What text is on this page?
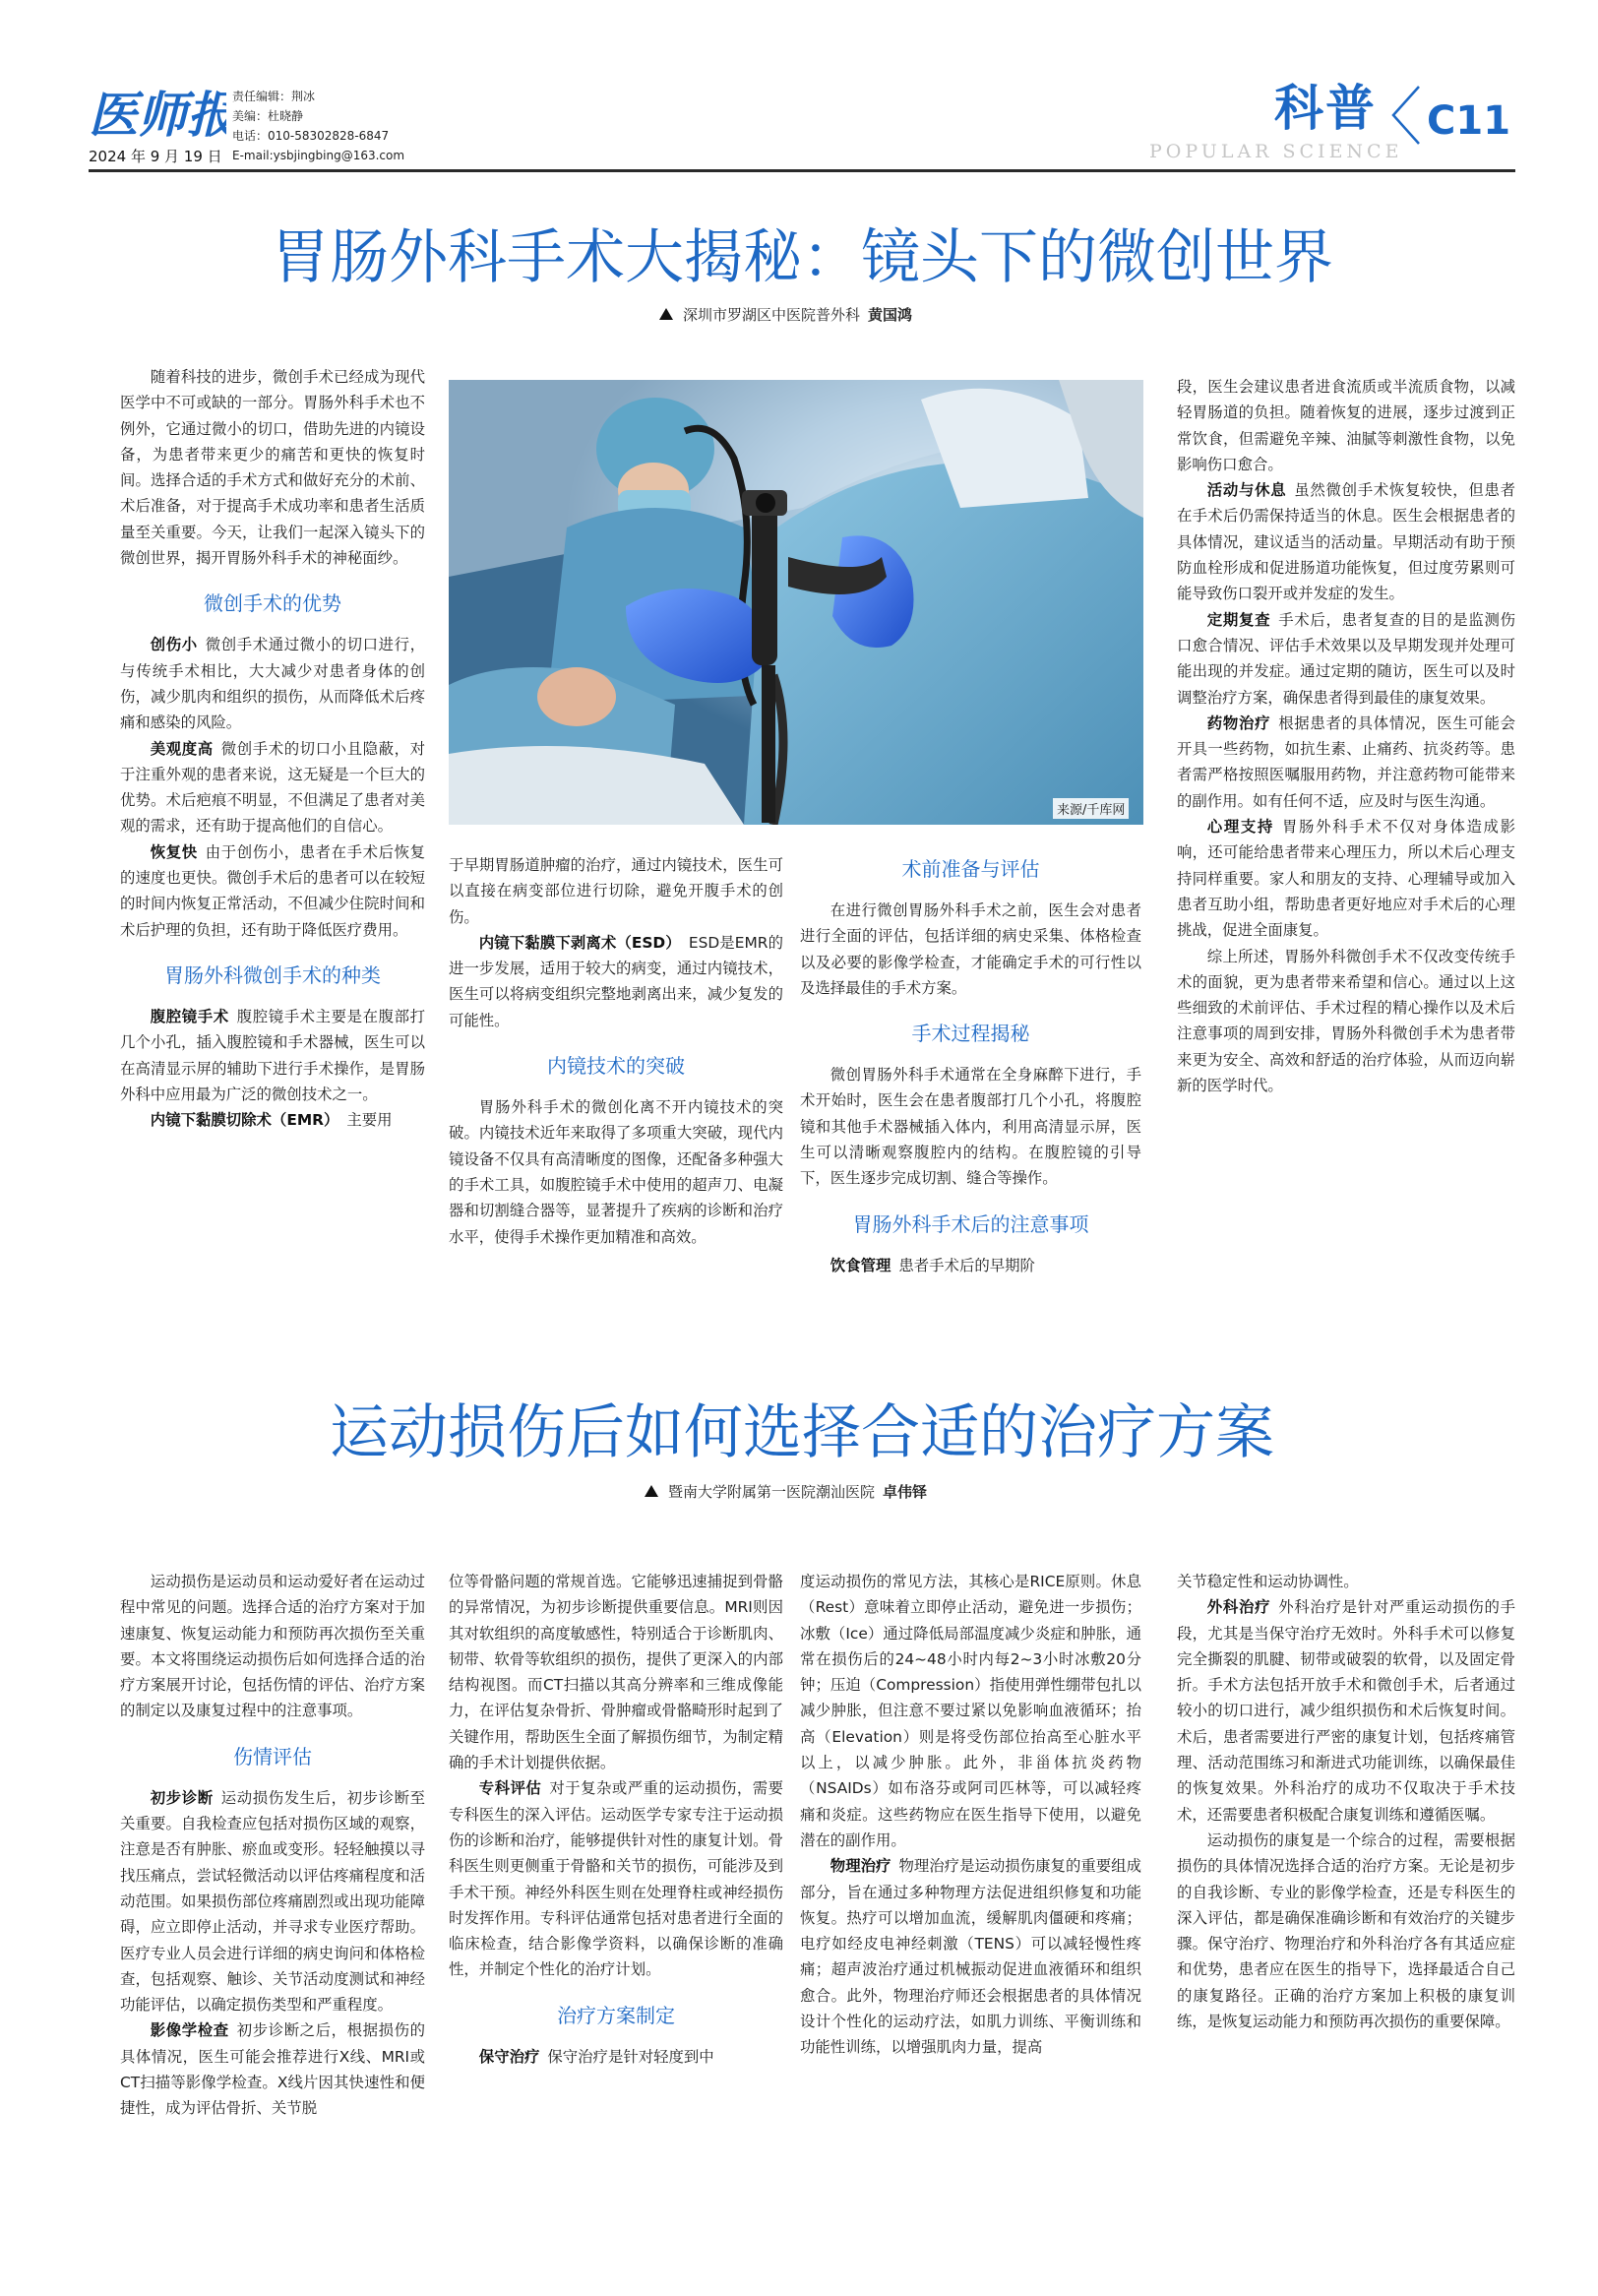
医师报
2024 年 9 月 19 日
责任编辑：荆冰
美编：杜晓静
电话：010-58302828-6847
E-mail:ysbjingbing@163.com
科普 C11
POPULAR SCIENCE
胃肠外科手术大揭秘：镜头下的微创世界
深圳市罗湖区中医院普外科 黄国鸿

随着科技的进步，微创手术已经成为现代医学中不可或缺的一部分。胃肠外科手术也不例外，它通过微小的切口，借助先进的内镜设备，为患者带来更少的痛苦和更快的恢复时间。选择合适的手术方式和做好充分的术前、术后准备，对于提高手术成功率和患者生活质量至关重要。今天，让我们一起深入镜头下的微创世界，揭开胃肠外科手术的神秘面纱。

微创手术的优势

创伤小 微创手术通过微小的切口进行，与传统手术相比，大大减少对患者身体的创伤，减少肌肉和组织的损伤，从而降低术后疼痛和感染的风险。

美观度高 微创手术的切口小且隐蔽，对于注重外观的患者来说，这无疑是一个巨大的优势。术后疤痕不明显，不但满足了患者对美观的需求，还有助于提高他们的自信心。

恢复快 由于创伤小，患者在手术后恢复的速度也更快。微创手术后的患者可以在较短的时间内恢复正常活动，不但减少住院时间和术后护理的负担，还有助于降低医疗费用。

胃肠外科微创手术的种类

腹腔镜手术 腹腔镜手术主要是在腹部打几个小孔，插入腹腔镜和手术器械，医生可以在高清显示屏的辅助下进行手术操作，是胃肠外科中应用最为广泛的微创技术之一。

内镜下黏膜切除术（EMR） 主要用

来源/千库网

于早期胃肠道肿瘤的治疗，通过内镜技术，医生可以直接在病变部位进行切除，避免开腹手术的创伤。

内镜下黏膜下剥离术（ESD） ESD是EMR的进一步发展，适用于较大的病变，通过内镜技术，医生可以将病变组织完整地剥离出来，减少复发的可能性。

内镜技术的突破

胃肠外科手术的微创化离不开内镜技术的突破。内镜技术近年来取得了多项重大突破，现代内镜设备不仅具有高清晰度的图像，还配备多种强大的手术工具，如腹腔镜手术中使用的超声刀、电凝器和切割缝合器等，显著提升了疾病的诊断和治疗水平，使得手术操作更加精准和高效。

术前准备与评估

在进行微创胃肠外科手术之前，医生会对患者进行全面的评估，包括详细的病史采集、体格检查以及必要的影像学检查，才能确定手术的可行性以及选择最佳的手术方案。

手术过程揭秘

微创胃肠外科手术通常在全身麻醉下进行，手术开始时，医生会在患者腹部打几个小孔，将腹腔镜和其他手术器械插入体内，利用高清显示屏，医生可以清晰观察腹腔内的结构。在腹腔镜的引导下，医生逐步完成切割、缝合等操作。

胃肠外科手术后的注意事项

饮食管理 患者手术后的早期阶

段，医生会建议患者进食流质或半流质食物，以减轻胃肠道的负担。随着恢复的进展，逐步过渡到正常饮食，但需避免辛辣、油腻等刺激性食物，以免影响伤口愈合。

活动与休息 虽然微创手术恢复较快，但患者在手术后仍需保持适当的休息。医生会根据患者的具体情况，建议适当的活动量。早期活动有助于预防血栓形成和促进肠道功能恢复，但过度劳累则可能导致伤口裂开或并发症的发生。

定期复查 手术后，患者复查的目的是监测伤口愈合情况、评估手术效果以及早期发现并处理可能出现的并发症。通过定期的随访，医生可以及时调整治疗方案，确保患者得到最佳的康复效果。

药物治疗 根据患者的具体情况，医生可能会开具一些药物，如抗生素、止痛药、抗炎药等。患者需严格按照医嘱服用药物，并注意药物可能带来的副作用。如有任何不适，应及时与医生沟通。

心理支持 胃肠外科手术不仅对身体造成影响，还可能给患者带来心理压力，所以术后心理支持同样重要。家人和朋友的支持、心理辅导或加入患者互助小组，帮助患者更好地应对手术后的心理挑战，促进全面康复。

综上所述，胃肠外科微创手术不仅改变传统手术的面貌，更为患者带来希望和信心。通过以上这些细致的术前评估、手术过程的精心操作以及术后注意事项的周到安排，胃肠外科微创手术为患者带来更为安全、高效和舒适的治疗体验，从而迈向崭新的医学时代。

运动损伤后如何选择合适的治疗方案
暨南大学附属第一医院潮汕医院 卓伟铎

运动损伤是运动员和运动爱好者在运动过程中常见的问题。选择合适的治疗方案对于加速康复、恢复运动能力和预防再次损伤至关重要。本文将围绕运动损伤后如何选择合适的治疗方案展开讨论，包括伤情的评估、治疗方案的制定以及康复过程中的注意事项。

伤情评估

初步诊断 运动损伤发生后，初步诊断至关重要。自我检查应包括对损伤区域的观察，注意是否有肿胀、瘀血或变形。轻轻触摸以寻找压痛点，尝试轻微活动以评估疼痛程度和活动范围。如果损伤部位疼痛剧烈或出现功能障碍，应立即停止活动，并寻求专业医疗帮助。医疗专业人员会进行详细的病史询问和体格检查，包括观察、触诊、关节活动度测试和神经功能评估，以确定损伤类型和严重程度。

影像学检查 初步诊断之后，根据损伤的具体情况，医生可能会推荐进行X线、MRI或CT扫描等影像学检查。X线片因其快速性和便捷性，成为评估骨折、关节脱

位等骨骼问题的常规首选。它能够迅速捕捉到骨骼的异常情况，为初步诊断提供重要信息。MRI则因其对软组织的高度敏感性，特别适合于诊断肌肉、韧带、软骨等软组织的损伤，提供了更深入的内部结构视图。而CT扫描以其高分辨率和三维成像能力，在评估复杂骨折、骨肿瘤或骨骼畸形时起到了关键作用，帮助医生全面了解损伤细节，为制定精确的手术计划提供依据。

专科评估 对于复杂或严重的运动损伤，需要专科医生的深入评估。运动医学专家专注于运动损伤的诊断和治疗，能够提供针对性的康复计划。骨科医生则更侧重于骨骼和关节的损伤，可能涉及到手术干预。神经外科医生则在处理脊柱或神经损伤时发挥作用。专科评估通常包括对患者进行全面的临床检查，结合影像学资料，以确保诊断的准确性，并制定个性化的治疗计划。

治疗方案制定

保守治疗 保守治疗是针对轻度到中

度运动损伤的常见方法，其核心是RICE原则。休息（Rest）意味着立即停止活动，避免进一步损伤；冰敷（Ice）通过降低局部温度减少炎症和肿胀，通常在损伤后的24~48小时内每2~3小时冰敷20分钟；压迫（Compression）指使用弹性绷带包扎以减少肿胀，但注意不要过紧以免影响血液循环；抬高（Elevation）则是将受伤部位抬高至心脏水平以上，以减少肿胀。此外，非甾体抗炎药物（NSAIDs）如布洛芬或阿司匹林等，可以减轻疼痛和炎症。这些药物应在医生指导下使用，以避免潜在的副作用。

物理治疗 物理治疗是运动损伤康复的重要组成部分，旨在通过多种物理方法促进组织修复和功能恢复。热疗可以增加血流，缓解肌肉僵硬和疼痛；电疗如经皮电神经刺激（TENS）可以减轻慢性疼痛；超声波治疗通过机械振动促进血液循环和组织愈合。此外，物理治疗师还会根据患者的具体情况设计个性化的运动疗法，如肌力训练、平衡训练和功能性训练，以增强肌肉力量，提高

关节稳定性和运动协调性。

外科治疗 外科治疗是针对严重运动损伤的手段，尤其是当保守治疗无效时。外科手术可以修复完全撕裂的肌腱、韧带或破裂的软骨，以及固定骨折。手术方法包括开放手术和微创手术，后者通过较小的切口进行，减少组织损伤和术后恢复时间。术后，患者需要进行严密的康复计划，包括疼痛管理、活动范围练习和渐进式功能训练，以确保最佳的恢复效果。外科治疗的成功不仅取决于手术技术，还需要患者积极配合康复训练和遵循医嘱。

运动损伤的康复是一个综合的过程，需要根据损伤的具体情况选择合适的治疗方案。无论是初步的自我诊断、专业的影像学检查，还是专科医生的深入评估，都是确保准确诊断和有效治疗的关键步骤。保守治疗、物理治疗和外科治疗各有其适应症和优势，患者应在医生的指导下，选择最适合自己的康复路径。正确的治疗方案加上积极的康复训练，是恢复运动能力和预防再次损伤的重要保障。
